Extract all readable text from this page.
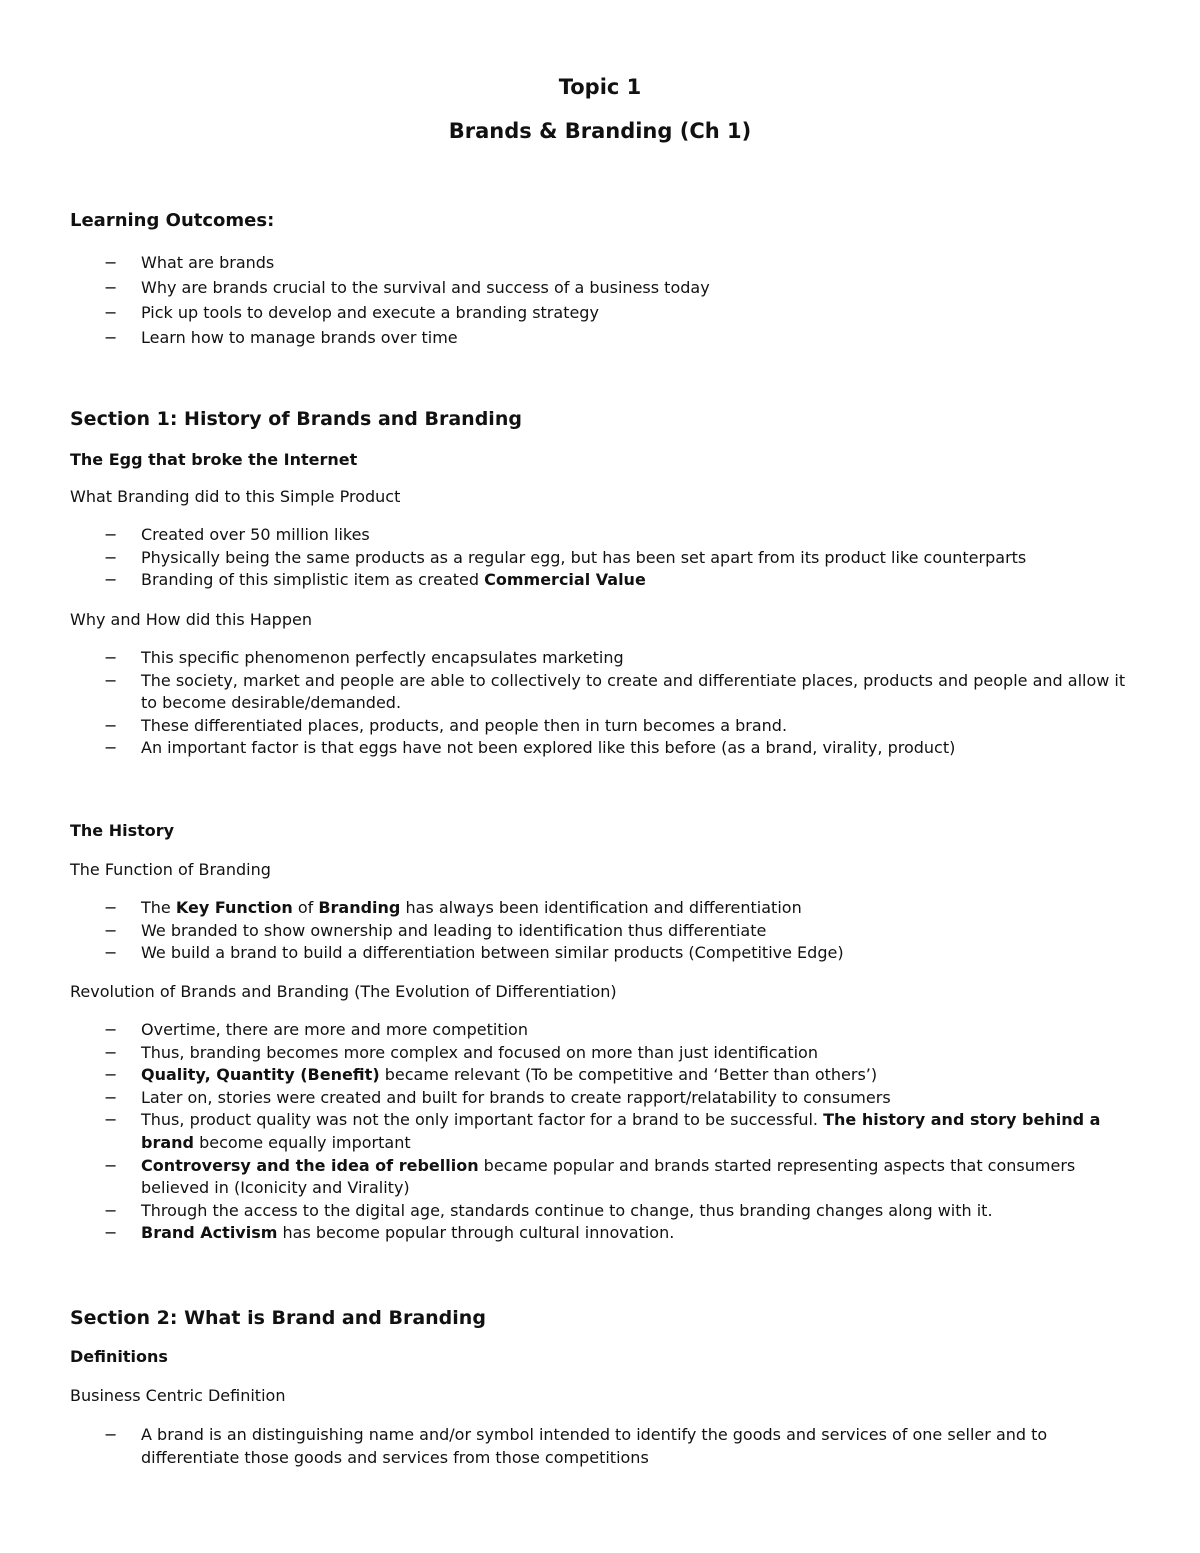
Topic 1
Brands & Branding (Ch 1)
Learning Outcomes:
− What are brands
− Why are brands crucial to the survival and success of a business today
− Pick up tools to develop and execute a branding strategy
− Learn how to manage brands over time
Section 1: History of Brands and Branding
The Egg that broke the Internet
What Branding did to this Simple Product
− Created over 50 million likes
− Physically being the same products as a regular egg, but has been set apart from its product like counterparts
− Branding of this simplistic item as created Commercial Value
Why and How did this Happen
− This specific phenomenon perfectly encapsulates marketing
− The society, market and people are able to collectively to create and differentiate places, products and people and allow it to become desirable/demanded.
− These differentiated places, products, and people then in turn becomes a brand.
− An important factor is that eggs have not been explored like this before (as a brand, virality, product)
The History
The Function of Branding
− The Key Function of Branding has always been identification and differentiation
− We branded to show ownership and leading to identification thus differentiate
− We build a brand to build a differentiation between similar products (Competitive Edge)
Revolution of Brands and Branding (The Evolution of Differentiation)
− Overtime, there are more and more competition
− Thus, branding becomes more complex and focused on more than just identification
− Quality, Quantity (Benefit) became relevant (To be competitive and ‘Better than others’)
− Later on, stories were created and built for brands to create rapport/relatability to consumers
− Thus, product quality was not the only important factor for a brand to be successful. The history and story behind a brand become equally important
− Controversy and the idea of rebellion became popular and brands started representing aspects that consumers believed in (Iconicity and Virality)
− Through the access to the digital age, standards continue to change, thus branding changes along with it.
− Brand Activism has become popular through cultural innovation.
Section 2: What is Brand and Branding
Definitions
Business Centric Definition
− A brand is an distinguishing name and/or symbol intended to identify the goods and services of one seller and to differentiate those goods and services from those competitions
